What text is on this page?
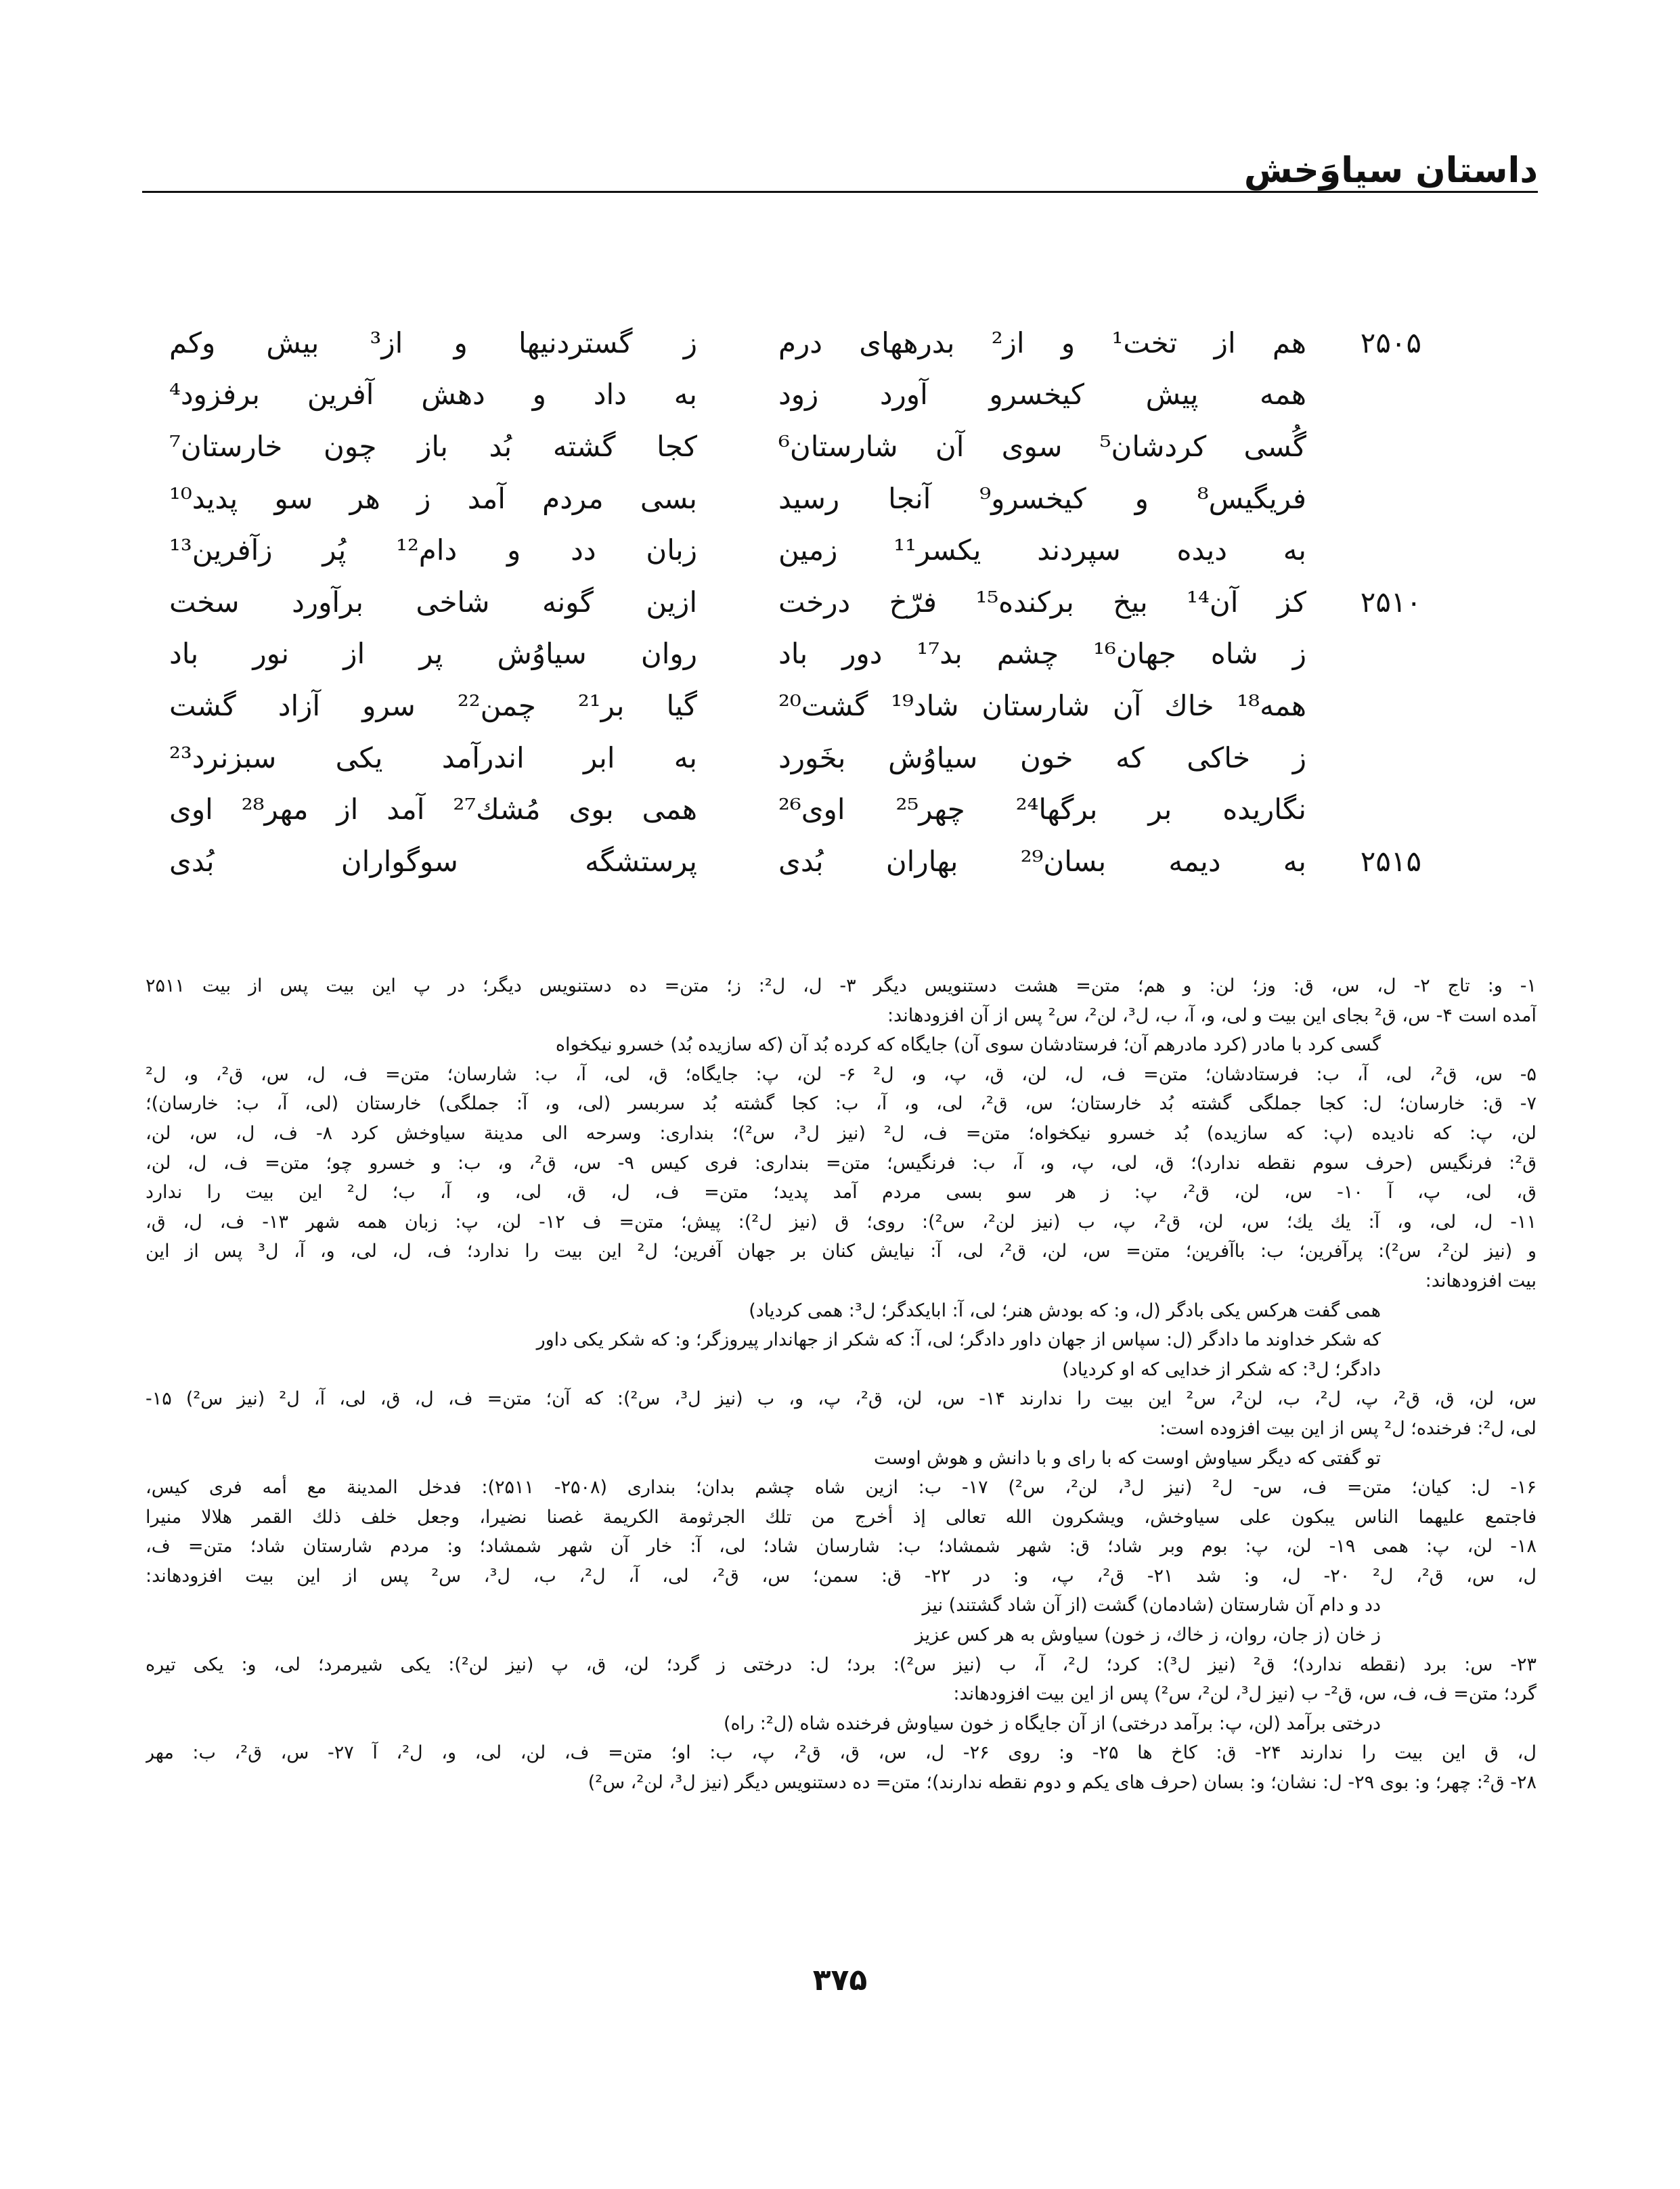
داستان سیاوَخش
۲۵۰۵
هم از تخت¹ و از² بدرههای درم
ز گستردنیها و از³ بیش وکم
همه پیش کیخسرو آورد زود
به داد و دهش آفرین برفزود⁴
گُسی کردشان⁵ سوی آن شارستان⁶
کجا گشته بُد باز چون خارستان⁷
فریگیس⁸ و کیخسرو⁹ آنجا رسید
بسی مردم آمد ز هر سو پدید¹⁰
به دیده سپردند یکسر¹¹ زمین
زبان دد و دام¹² پُر زآفرین¹³
۲۵۱۰
کز آن¹⁴ بیخ برکنده¹⁵ فرّخ درخت
ازین گونه شاخی برآورد سخت
ز شاه جهان¹⁶ چشم بد¹⁷ دور باد
روان سیاوُش پر از نور باد
همه¹⁸ خاك آن شارستان شاد¹⁹ گشت²⁰
گیا بر²¹ چمن²² سرو آزاد گشت
ز خاکی که خون سیاوُش بخَورد
به ابر اندرآمد یکی سبزنرد²³
نگاریده بر برگها²⁴ چهر²⁵ اوی²⁶
همی بوی مُشك²⁷ آمد از مهر²⁸ اوی
۲۵۱۵
به دیمه بسان²⁹ بهاران بُدی
پرستشگه سوگواران بُدی
۱- و: تاج ۲- ل، س، ق: وز؛ لن: و هم؛ متن= هشت دستنویس دیگر ۳- ل، ل²: ز؛ متن= ده دستنویس دیگر؛ در پ این بیت پس از بیت ۲۵۱۱
آمده است ۴- س، ق² بجای این بیت و لی، و، آ، ب، ل³، لن²، س² پس از آن افزودهاند:
گسی کرد با مادر (کرد مادرهم آن؛ فرستادشان سوی آن) جایگاه که کرده بُد آن (که سازیده بُد) خسرو نیکخواه
۵- س، ق²، لی، آ، ب: فرستادشان؛ متن= ف، ل، لن، ق، پ، و، ل² ۶- لن، پ: جایگاه؛ ق، لی، آ، ب: شارسان؛ متن= ف، ل، س، ق²، و، ل²
۷- ق: خارسان؛ ل: کجا جملگی گشته بُد خارستان؛ س، ق²، لی، و، آ، ب: کجا گشته بُد سربسر (لی، و، آ: جملگی) خارستان (لی، آ، ب: خارسان)؛
لن، پ: که نادیده (پ: که سازیده) بُد خسرو نیکخواه؛ متن= ف، ل² (نیز ل³، س²)؛ بنداری: وسرحه الی مدینة سیاوخش کرد ۸- ف، ل، س، لن،
ق²: فرنگیس (حرف سوم نقطه ندارد)؛ ق، لی، پ، و، آ، ب: فرنگیس؛ متن= بنداری: فری کیس ۹- س، ق²، و، ب: و خسرو چو؛ متن= ف، ل، لن،
ق، لی، پ، آ ۱۰- س، لن، ق²، پ: ز هر سو بسی مردم آمد پدید؛ متن= ف، ل، ق، لی، و، آ، ب؛ ل² این بیت را ندارد
۱۱- ل، لی، و، آ: یك یك؛ س، لن، ق²، پ، ب (نیز لن²، س²): روی؛ ق (نیز ل²): پیش؛ متن= ف ۱۲- لن، پ: زبان همه شهر ۱۳- ف، ل، ق،
و (نیز لن²، س²): پرآفرین؛ ب: باآفرین؛ متن= س، لن، ق²، لی، آ: نیایش کنان بر جهان آفرین؛ ل² این بیت را ندارد؛ ف، ل، لی، و، آ، ل³ پس از این
بیت افزودهاند:
همی گفت هرکس یکی بادگر (ل، و: که بودش هنر؛ لی، آ: ابایکدگر؛ ل³: همی کردیاد)
که شکر خداوند ما دادگر (ل: سپاس از جهان داور دادگر؛ لی، آ: که شکر از جهاندار پیروزگر؛ و: که شکر یکی داور
دادگر؛ ل³: که شکر از خدایی که او کردیاد)
س، لن، ق، ق²، پ، ل²، ب، لن²، س² این بیت را ندارند ۱۴- س، لن، ق²، پ، و، ب (نیز ل³، س²): که آن؛ متن= ف، ل، ق، لی، آ، ل² (نیز س²) ۱۵-
لی، ل²: فرخنده؛ ل² پس از این بیت افزوده است:
تو گفتی که دیگر سیاوش اوست که با رای و با دانش و هوش اوست
۱۶- ل: کیان؛ متن= ف، س- ل² (نیز ل³، لن²، س²) ۱۷- ب: ازین شاه چشم بدان؛ بنداری (۲۵۰۸- ۲۵۱۱): فدخل المدینة مع أمه فری کیس،
فاجتمع علیهما الناس یبکون علی سیاوخش، ویشکرون الله تعالی إذ أخرج من تلك الجرثومة الکریمة غصنا نضیرا، وجعل خلف ذلك القمر هلالا منیرا
۱۸- لن، پ: همی ۱۹- لن، پ: بوم وبر شاد؛ ق: شهر شمشاد؛ ب: شارسان شاد؛ لی، آ: خار آن شهر شمشاد؛ و: مردم شارستان شاد؛ متن= ف،
ل، س، ق²، ل² ۲۰- ل، و: شد ۲۱- ق²، پ، و: در ۲۲- ق: سمن؛ س، ق²، لی، آ، ل²، ب، ل³، س² پس از این بیت افزودهاند:
دد و دام آن شارستان (شادمان) گشت (از آن شاد گشتند) نیز
ز خان (ز جان، روان، ز خاك، ز خون) سیاوش به هر کس عزیز
۲۳- س: برد (نقطه ندارد)؛ ق² (نیز ل³): کرد؛ ل²، آ، ب (نیز س²): برد؛ ل: درختی ز گرد؛ لن، ق، پ (نیز لن²): یکی شیرمرد؛ لی، و: یکی تیره
گرد؛ متن= ف، ف، س، ق²- ب (نیز ل³، لن²، س²) پس از این بیت افزودهاند:
درختی برآمد (لن، پ: برآمد درختی) از آن جایگاه ز خون سیاوش فرخنده شاه (ل²: راه)
ل، ق این بیت را ندارند ۲۴- ق: کاخ ها ۲۵- و: روی ۲۶- ل، س، ق، ق²، پ، ب: او؛ متن= ف، لن، لی، و، ل²، آ ۲۷- س، ق²، ب: مهر
۲۸- ق²: چهر؛ و: بوی ۲۹- ل: نشان؛ و: بسان (حرف های یکم و دوم نقطه ندارند)؛ متن= ده دستنویس دیگر (نیز ل³، لن²، س²)
۳۷۵
